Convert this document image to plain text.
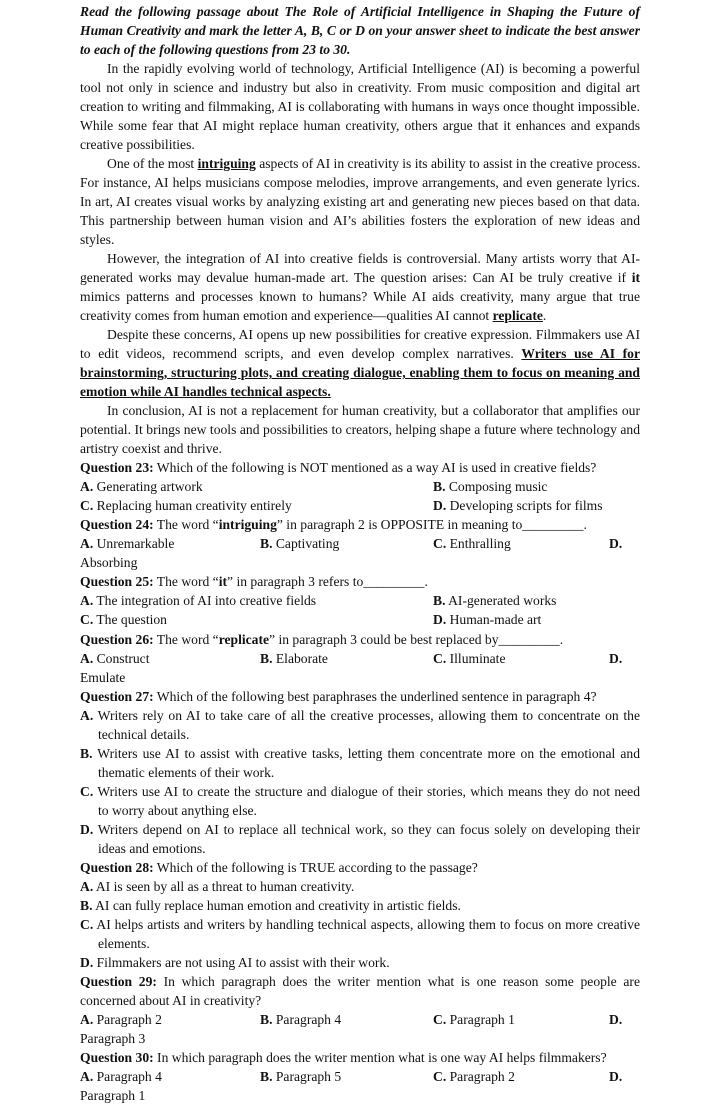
Read the following passage about The Role of Artificial Intelligence in Shaping the Future of
Human Creativity and mark the letter A, B, C or D on your answer sheet to indicate the best answer
to each of the following questions from 23 to 30.
In the rapidly evolving world of technology, Artificial Intelligence (AI) is becoming a powerful
tool not only in science and industry but also in creativity. From music composition and digital art
creation to writing and filmmaking, AI is collaborating with humans in ways once thought impossible.
While some fear that AI might replace human creativity, others argue that it enhances and expands
creative possibilities.
One of the most intriguing aspects of AI in creativity is its ability to assist in the creative process.
For instance, AI helps musicians compose melodies, improve arrangements, and even generate lyrics.
In art, AI creates visual works by analyzing existing art and generating new pieces based on that data.
This partnership between human vision and AI’s abilities fosters the exploration of new ideas and
styles.
However, the integration of AI into creative fields is controversial. Many artists worry that AI-
generated works may devalue human-made art. The question arises: Can AI be truly creative if it
mimics patterns and processes known to humans? While AI aids creativity, many argue that true
creativity comes from human emotion and experience—qualities AI cannot replicate.
Despite these concerns, AI opens up new possibilities for creative expression. Filmmakers use AI
to edit videos, recommend scripts, and even develop complex narratives. Writers use AI for
brainstorming, structuring plots, and creating dialogue, enabling them to focus on meaning and
emotion while AI handles technical aspects.
In conclusion, AI is not a replacement for human creativity, but a collaborator that amplifies our
potential. It brings new tools and possibilities to creators, helping shape a future where technology and
artistry coexist and thrive.
Question 23: Which of the following is NOT mentioned as a way AI is used in creative fields?
A. Generating artwork	B. Composing music
C. Replacing human creativity entirely	D. Developing scripts for films
Question 24: The word “intriguing” in paragraph 2 is OPPOSITE in meaning to_________.
A. Unremarkable	B. Captivating	C. Enthralling	D.
Absorbing
Question 25: The word “it” in paragraph 3 refers to_________.
A. The integration of AI into creative fields	B. AI-generated works
C. The question	D. Human-made art
Question 26: The word “replicate” in paragraph 3 could be best replaced by_________.
A. Construct	B. Elaborate	C. Illuminate	D.
Emulate
Question 27: Which of the following best paraphrases the underlined sentence in paragraph 4?
A. Writers rely on AI to take care of all the creative processes, allowing them to concentrate on the
technical details.
B. Writers use AI to assist with creative tasks, letting them concentrate more on the emotional and
thematic elements of their work.
C. Writers use AI to create the structure and dialogue of their stories, which means they do not need
to worry about anything else.
D. Writers depend on AI to replace all technical work, so they can focus solely on developing their
ideas and emotions.
Question 28: Which of the following is TRUE according to the passage?
A. AI is seen by all as a threat to human creativity.
B. AI can fully replace human emotion and creativity in artistic fields.
C. AI helps artists and writers by handling technical aspects, allowing them to focus on more creative
elements.
D. Filmmakers are not using AI to assist with their work.
Question 29: In which paragraph does the writer mention what is one reason some people are
concerned about AI in creativity?
A. Paragraph 2	B. Paragraph 4	C. Paragraph 1	D.
Paragraph 3
Question 30: In which paragraph does the writer mention what is one way AI helps filmmakers?
A. Paragraph 4	B. Paragraph 5	C. Paragraph 2	D.
Paragraph 1
